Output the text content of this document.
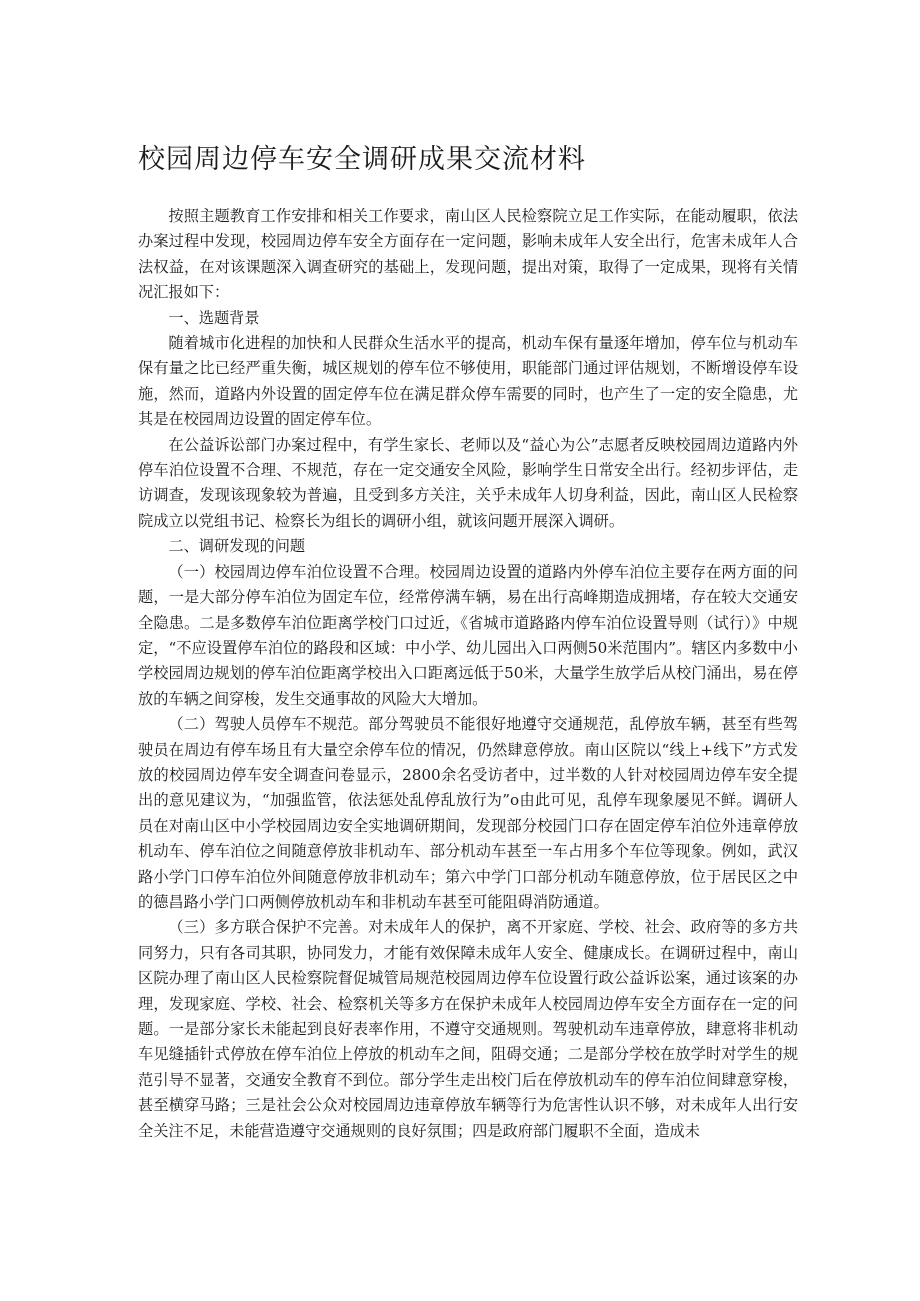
校园周边停车安全调研成果交流材料

按照主题教育工作安排和相关工作要求，南山区人民检察院立足工作实际，在能动履职，依法办案过程中发现，校园周边停车安全方面存在一定问题，影响未成年人安全出行，危害未成年人合法权益，在对该课题深入调查研究的基础上，发现问题，提出对策，取得了一定成果，现将有关情况汇报如下：

一、选题背景

随着城市化进程的加快和人民群众生活水平的提高，机动车保有量逐年增加，停车位与机动车保有量之比已经严重失衡，城区规划的停车位不够使用，职能部门通过评估规划，不断增设停车设施，然而，道路内外设置的固定停车位在满足群众停车需要的同时，也产生了一定的安全隐患，尤其是在校园周边设置的固定停车位。

在公益诉讼部门办案过程中，有学生家长、老师以及“益心为公”志愿者反映校园周边道路内外停车泊位设置不合理、不规范，存在一定交通安全风险，影响学生日常安全出行。经初步评估，走访调查，发现该现象较为普遍，且受到多方关注，关乎未成年人切身利益，因此，南山区人民检察院成立以党组书记、检察长为组长的调研小组，就该问题开展深入调研。

二、调研发现的问题

（一）校园周边停车泊位设置不合理。校园周边设置的道路内外停车泊位主要存在两方面的问题，一是大部分停车泊位为固定车位，经常停满车辆，易在出行高峰期造成拥堵，存在较大交通安全隐患。二是多数停车泊位距离学校门口过近，《省城市道路路内停车泊位设置导则（试行）》中规定，“不应设置停车泊位的路段和区域：中小学、幼儿园出入口两侧50米范围内”。辖区内多数中小学校园周边规划的停车泊位距离学校出入口距离远低于50米，大量学生放学后从校门涌出，易在停放的车辆之间穿梭，发生交通事故的风险大大增加。

（二）驾驶人员停车不规范。部分驾驶员不能很好地遵守交通规范，乱停放车辆，甚至有些驾驶员在周边有停车场且有大量空余停车位的情况，仍然肆意停放。南山区院以“线上+线下”方式发放的校园周边停车安全调查问卷显示，2800余名受访者中，过半数的人针对校园周边停车安全提出的意见建议为，“加强监管，依法惩处乱停乱放行为”o由此可见，乱停车现象屡见不鲜。调研人员在对南山区中小学校园周边安全实地调研期间，发现部分校园门口存在固定停车泊位外违章停放机动车、停车泊位之间随意停放非机动车、部分机动车甚至一车占用多个车位等现象。例如，武汉路小学门口停车泊位外间随意停放非机动车；第六中学门口部分机动车随意停放，位于居民区之中的德昌路小学门口两侧停放机动车和非机动车甚至可能阻碍消防通道。

（三）多方联合保护不完善。对未成年人的保护，离不开家庭、学校、社会、政府等的多方共同努力，只有各司其职，协同发力，才能有效保障未成年人安全、健康成长。在调研过程中，南山区院办理了南山区人民检察院督促城管局规范校园周边停车位设置行政公益诉讼案，通过该案的办理，发现家庭、学校、社会、检察机关等多方在保护未成年人校园周边停车安全方面存在一定的问题。一是部分家长未能起到良好表率作用，不遵守交通规则。驾驶机动车违章停放，肆意将非机动车见缝插针式停放在停车泊位上停放的机动车之间，阻碍交通；二是部分学校在放学时对学生的规范引导不显著，交通安全教育不到位。部分学生走出校门后在停放机动车的停车泊位间肆意穿梭，甚至横穿马路；三是社会公众对校园周边违章停放车辆等行为危害性认识不够，对未成年人出行安全关注不足，未能营造遵守交通规则的良好氛围；四是政府部门履职不全面，造成未
